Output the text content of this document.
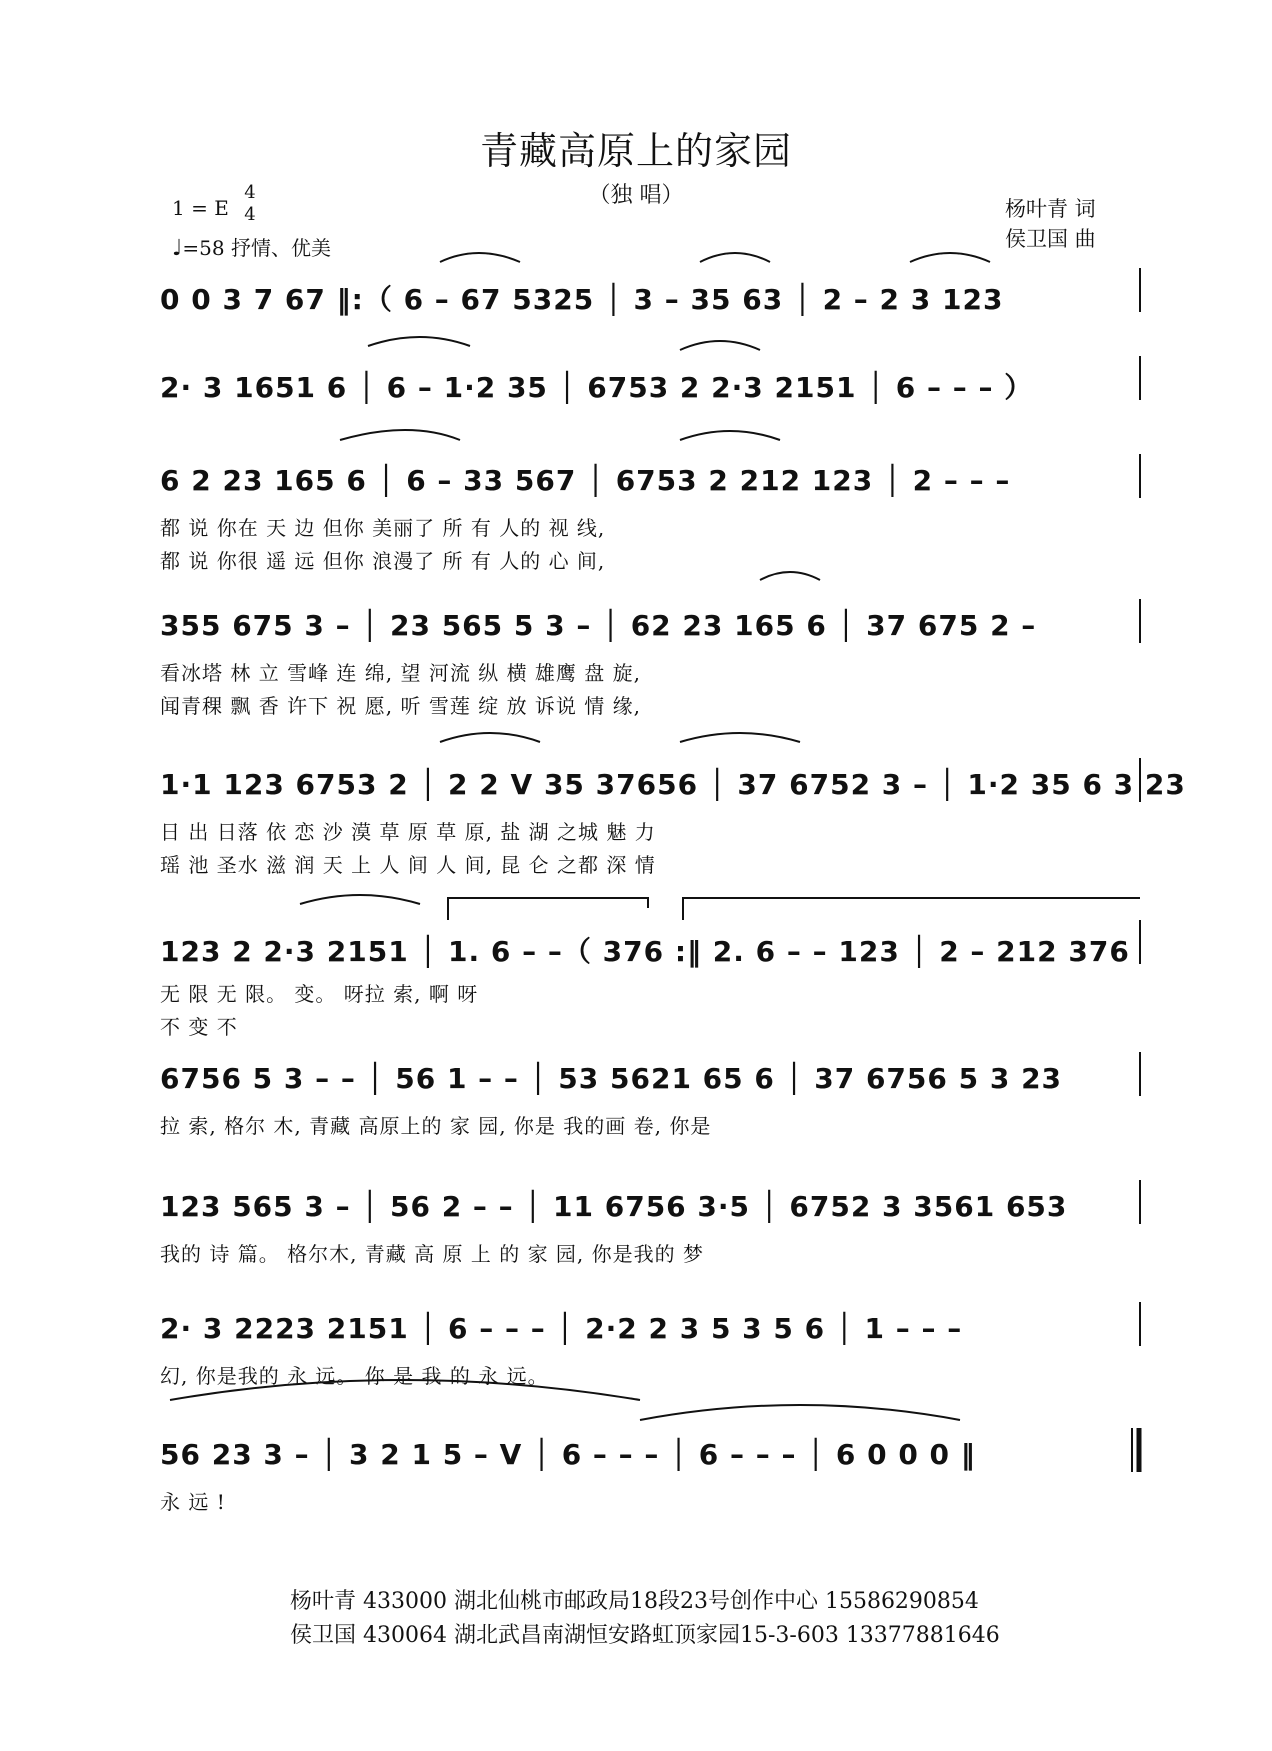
青藏高原上的家园
（独 唱）
1 = E
4
4
♩=58 抒情、优美
杨叶青 词
侯卫国 曲
0 0 3 7 67 ‖:（ 6 – 67 5325 │ 3 – 35 63 │ 2 – 2 3 123
2· 3 1651 6 │ 6 – 1·2 35 │ 6753 2 2·3 2151 │ 6 – – – ）
6 2 23 165 6 │ 6 – 33 567 │ 6753 2 212 123 │ 2 – – –
都 说 你在 天 边 但你 美丽了 所 有 人的 视 线,
都 说 你很 遥 远 但你 浪漫了 所 有 人的 心 间,
355 675 3 – │ 23 565 5 3 – │ 62 23 165 6 │ 37 675 2 –
看冰塔 林 立 雪峰 连 绵, 望 河流 纵 横 雄鹰 盘 旋,
闻青稞 飘 香 许下 祝 愿, 听 雪莲 绽 放 诉说 情 缘,
1·1 123 6753 2 │ 2 2 V 35 37656 │ 37 6752 3 – │ 1·2 35 6 3 23
日 出 日落 依 恋 沙 漠 草 原 草 原, 盐 湖 之城 魅 力
瑶 池 圣水 滋 润 天 上 人 间 人 间, 昆 仑 之都 深 情
123 2 2·3 2151 │ 1. 6 – –（ 376 :‖ 2. 6 – – 123 │ 2 – 212 376
无 限 无 限。 变。 呀拉 索, 啊 呀
不 变 不
6756 5 3 – – │ 56 1 – – │ 53 5621 65 6 │ 37 6756 5 3 23
拉 索, 格尔 木, 青藏 高原上的 家 园, 你是 我的画 卷, 你是
123 565 3 – │ 56 2 – – │ 11 6756 3·5 │ 6752 3 3561 653
我的 诗 篇。 格尔木, 青藏 高 原 上 的 家 园, 你是我的 梦
2· 3 2223 2151 │ 6 – – – │ 2·2 2 3 5 3 5 6 │ 1 – – –
幻, 你是我的 永 远。 你 是 我 的 永 远。
56 23 3 – │ 3 2 1 5 – V │ 6 – – – │ 6 – – – │ 6 0 0 0 ‖
永 远 !
杨叶青 433000 湖北仙桃市邮政局18段23号创作中心 15586290854
侯卫国 430064 湖北武昌南湖恒安路虹顶家园15-3-603 13377881646
